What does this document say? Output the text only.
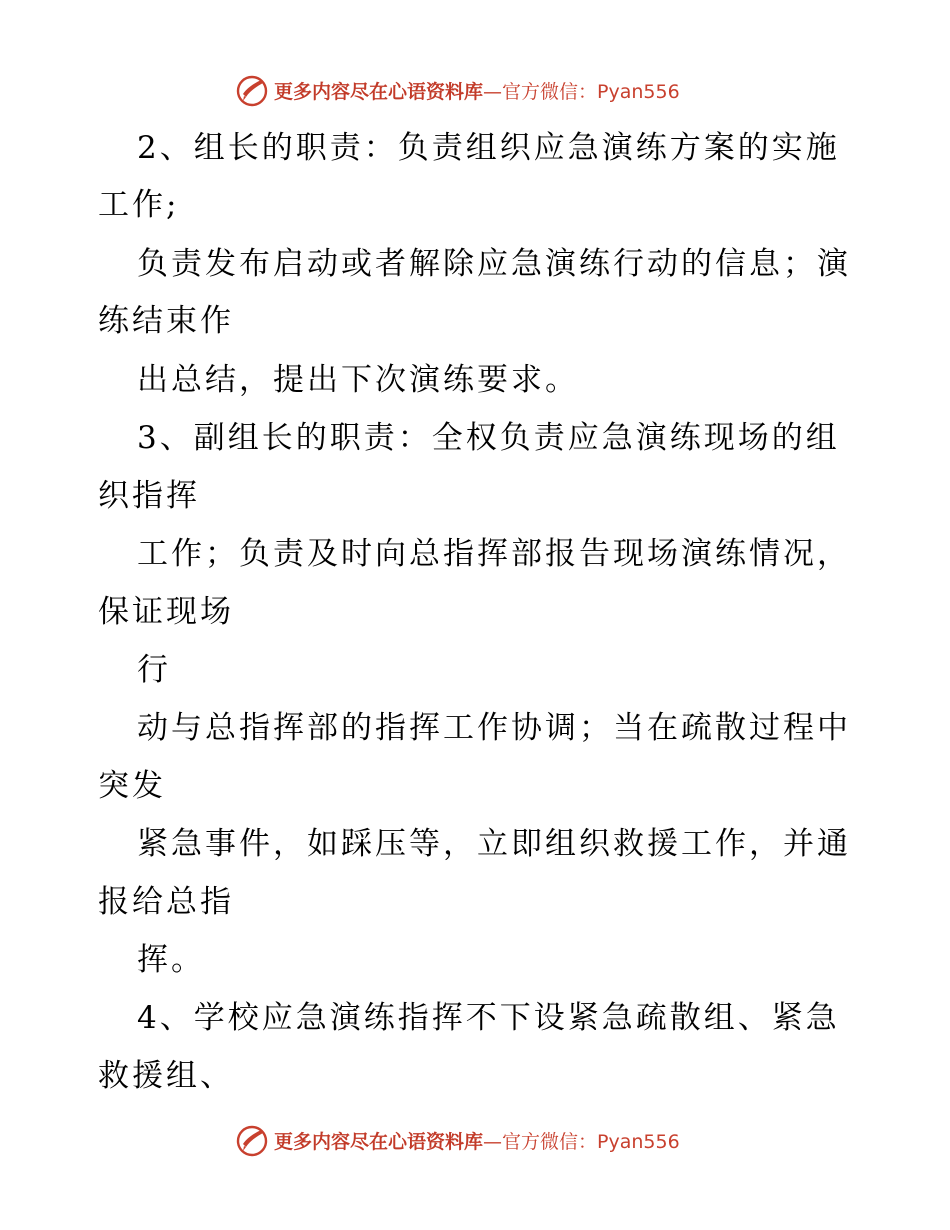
更多内容尽在心语资料库—官方微信：Pyan556
2、组长的职责：负责组织应急演练方案的实施
工作;
负责发布启动或者解除应急演练行动的信息；演
练结束作
出总结，提出下次演练要求。
3、副组长的职责：全权负责应急演练现场的组
织指挥
工作；负责及时向总指挥部报告现场演练情况，
保证现场
行
动与总指挥部的指挥工作协调；当在疏散过程中
突发
紧急事件，如踩压等，立即组织救援工作，并通
报给总指
挥。
4、学校应急演练指挥不下设紧急疏散组、紧急
救援组、
更多内容尽在心语资料库—官方微信：Pyan556
